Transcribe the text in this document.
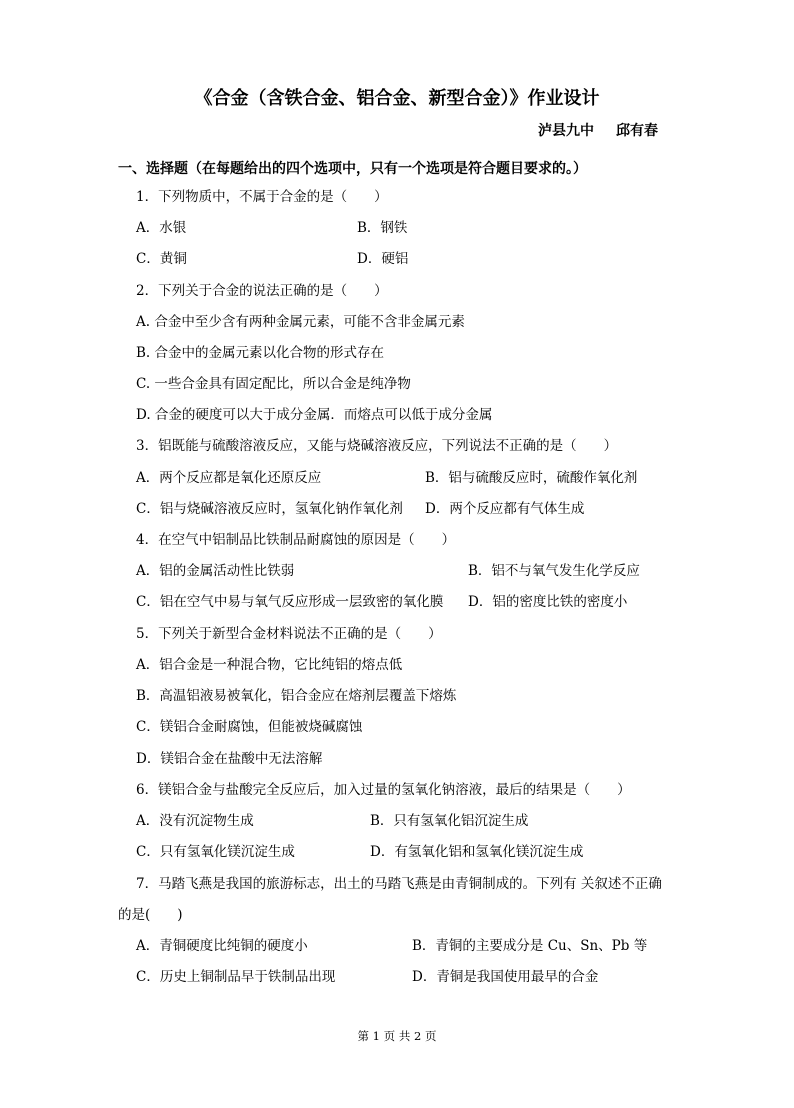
《合金（含铁合金、铝合金、新型合金）》作业设计
泸县九中 邱有春
一、选择题（在每题给出的四个选项中，只有一个选项是符合题目要求的。）
1．下列物质中，不属于合金的是（　　）
A．水银	B．钢铁
C．黄铜	D．硬铝
2．下列关于合金的说法正确的是（　　）
A. 合金中至少含有两种金属元素，可能不含非金属元素
B. 合金中的金属元素以化合物的形式存在
C. 一些合金具有固定配比，所以合金是纯净物
D. 合金的硬度可以大于成分金属．而熔点可以低于成分金属
3．铝既能与硫酸溶液反应，又能与烧碱溶液反应，下列说法不正确的是（　　）
A．两个反应都是氧化还原反应	B．铝与硫酸反应时，硫酸作氧化剂
C．铝与烧碱溶液反应时，氢氧化钠作氧化剂 D．两个反应都有气体生成
4．在空气中铝制品比铁制品耐腐蚀的原因是（　　）
A．铝的金属活动性比铁弱	B．铝不与氧气发生化学反应
C．铝在空气中易与氧气反应形成一层致密的氧化膜 D．铝的密度比铁的密度小
5．下列关于新型合金材料说法不正确的是（　　）
A．铝合金是一种混合物，它比纯铝的熔点低
B．高温铝液易被氧化，铝合金应在熔剂层覆盖下熔炼
C．镁铝合金耐腐蚀，但能被烧碱腐蚀
D．镁铝合金在盐酸中无法溶解
6．镁铝合金与盐酸完全反应后，加入过量的氢氧化钠溶液，最后的结果是（　　）
A．没有沉淀物生成	B．只有氢氧化铝沉淀生成
C．只有氢氧化镁沉淀生成	D．有氢氧化铝和氢氧化镁沉淀生成
7．马踏飞燕是我国的旅游标志，出土的马踏飞燕是由青铜制成的。下列有 关叙述不正确
的是(　　)
A．青铜硬度比纯铜的硬度小	B．青铜的主要成分是 Cu、Sn、Pb 等
C．历史上铜制品早于铁制品出现	D．青铜是我国使用最早的合金
第 1 页 共 2 页
